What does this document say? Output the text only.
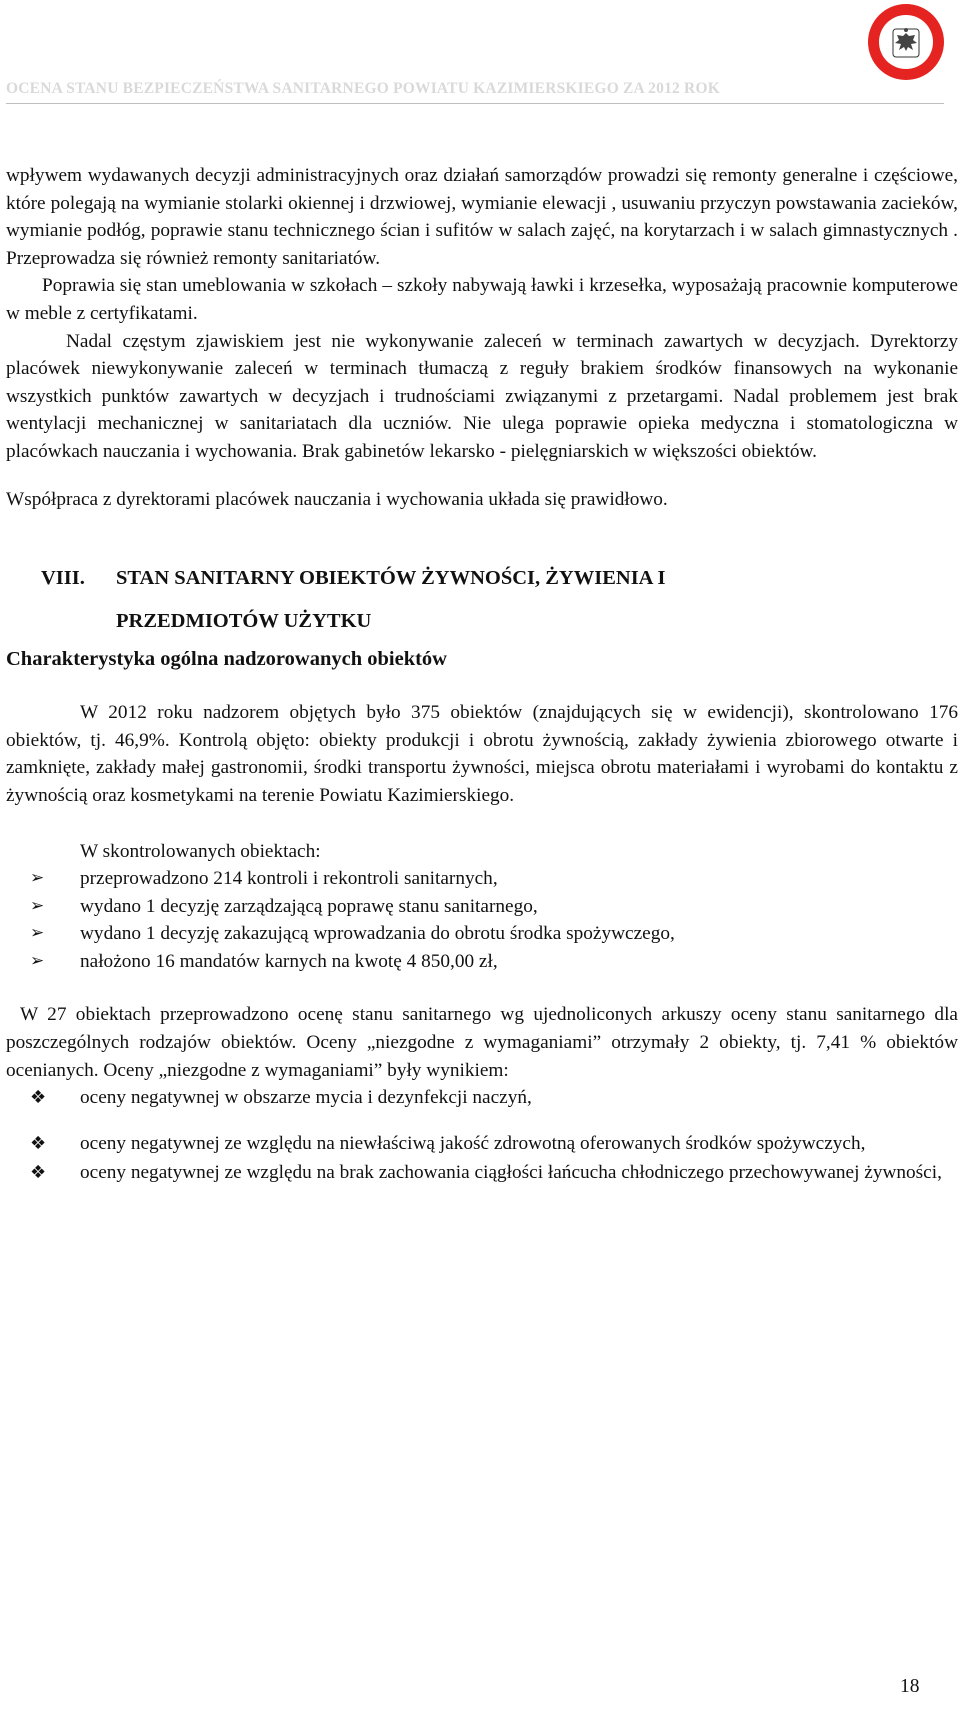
OCENA STANU BEZPIECZEŃSTWA SANITARNEGO POWIATU KAZIMIERSKIEGO ZA 2012 ROK

wpływem wydawanych decyzji administracyjnych oraz działań samorządów prowadzi się remonty generalne i częściowe, które polegają na wymianie stolarki okiennej i drzwiowej, wymianie elewacji , usuwaniu przyczyn powstawania zacieków, wymianie podłóg, poprawie stanu technicznego ścian i sufitów w salach zajęć, na korytarzach i w salach gimnastycznych . Przeprowadza się również remonty sanitariatów.

Poprawia się stan umeblowania w szkołach – szkoły nabywają ławki i krzesełka, wyposażają pracownie komputerowe w meble z certyfikatami.

Nadal częstym zjawiskiem jest nie wykonywanie zaleceń w terminach zawartych w decyzjach. Dyrektorzy placówek niewykonywanie zaleceń w terminach tłumaczą z reguły brakiem środków finansowych na wykonanie wszystkich punktów zawartych w decyzjach i trudnościami związanymi z przetargami. Nadal problemem jest brak wentylacji mechanicznej w sanitariatach dla uczniów. Nie ulega poprawie opieka medyczna i stomatologiczna w placówkach nauczania i wychowania. Brak gabinetów lekarsko - pielęgniarskich w większości obiektów.

Współpraca z dyrektorami placówek nauczania i wychowania układa się prawidłowo.

VIII. STAN SANITARNY OBIEKTÓW ŻYWNOŚCI, ŻYWIENIA I
PRZEDMIOTÓW UŻYTKU
Charakterystyka ogólna nadzorowanych obiektów

W 2012 roku nadzorem objętych było 375 obiektów (znajdujących się w ewidencji), skontrolowano 176 obiektów, tj. 46,9%. Kontrolą objęto: obiekty produkcji i obrotu żywnością, zakłady żywienia zbiorowego otwarte i zamknięte, zakłady małej gastronomii, środki transportu żywności, miejsca obrotu materiałami i wyrobami do kontaktu z żywnością oraz kosmetykami na terenie Powiatu Kazimierskiego.

W skontrolowanych obiektach:

➢	przeprowadzono 214 kontroli i rekontroli sanitarnych,
➢	wydano 1 decyzję zarządzającą poprawę stanu sanitarnego,
➢	wydano 1 decyzję zakazującą wprowadzania do obrotu środka spożywczego,
➢	nałożono 16 mandatów karnych na kwotę 4 850,00 zł,

W 27 obiektach przeprowadzono ocenę stanu sanitarnego wg ujednoliconych arkuszy oceny stanu sanitarnego dla poszczególnych rodzajów obiektów. Oceny „niezgodne z wymaganiami” otrzymały 2 obiekty, tj. 7,41 % obiektów ocenianych. Oceny „niezgodne z wymaganiami” były wynikiem:

❖	oceny negatywnej w obszarze mycia i dezynfekcji naczyń,
❖	oceny negatywnej ze względu na niewłaściwą jakość zdrowotną oferowanych środków spożywczych,
❖	oceny negatywnej ze względu na brak zachowania ciągłości łańcucha chłodniczego przechowywanej żywności,
18
